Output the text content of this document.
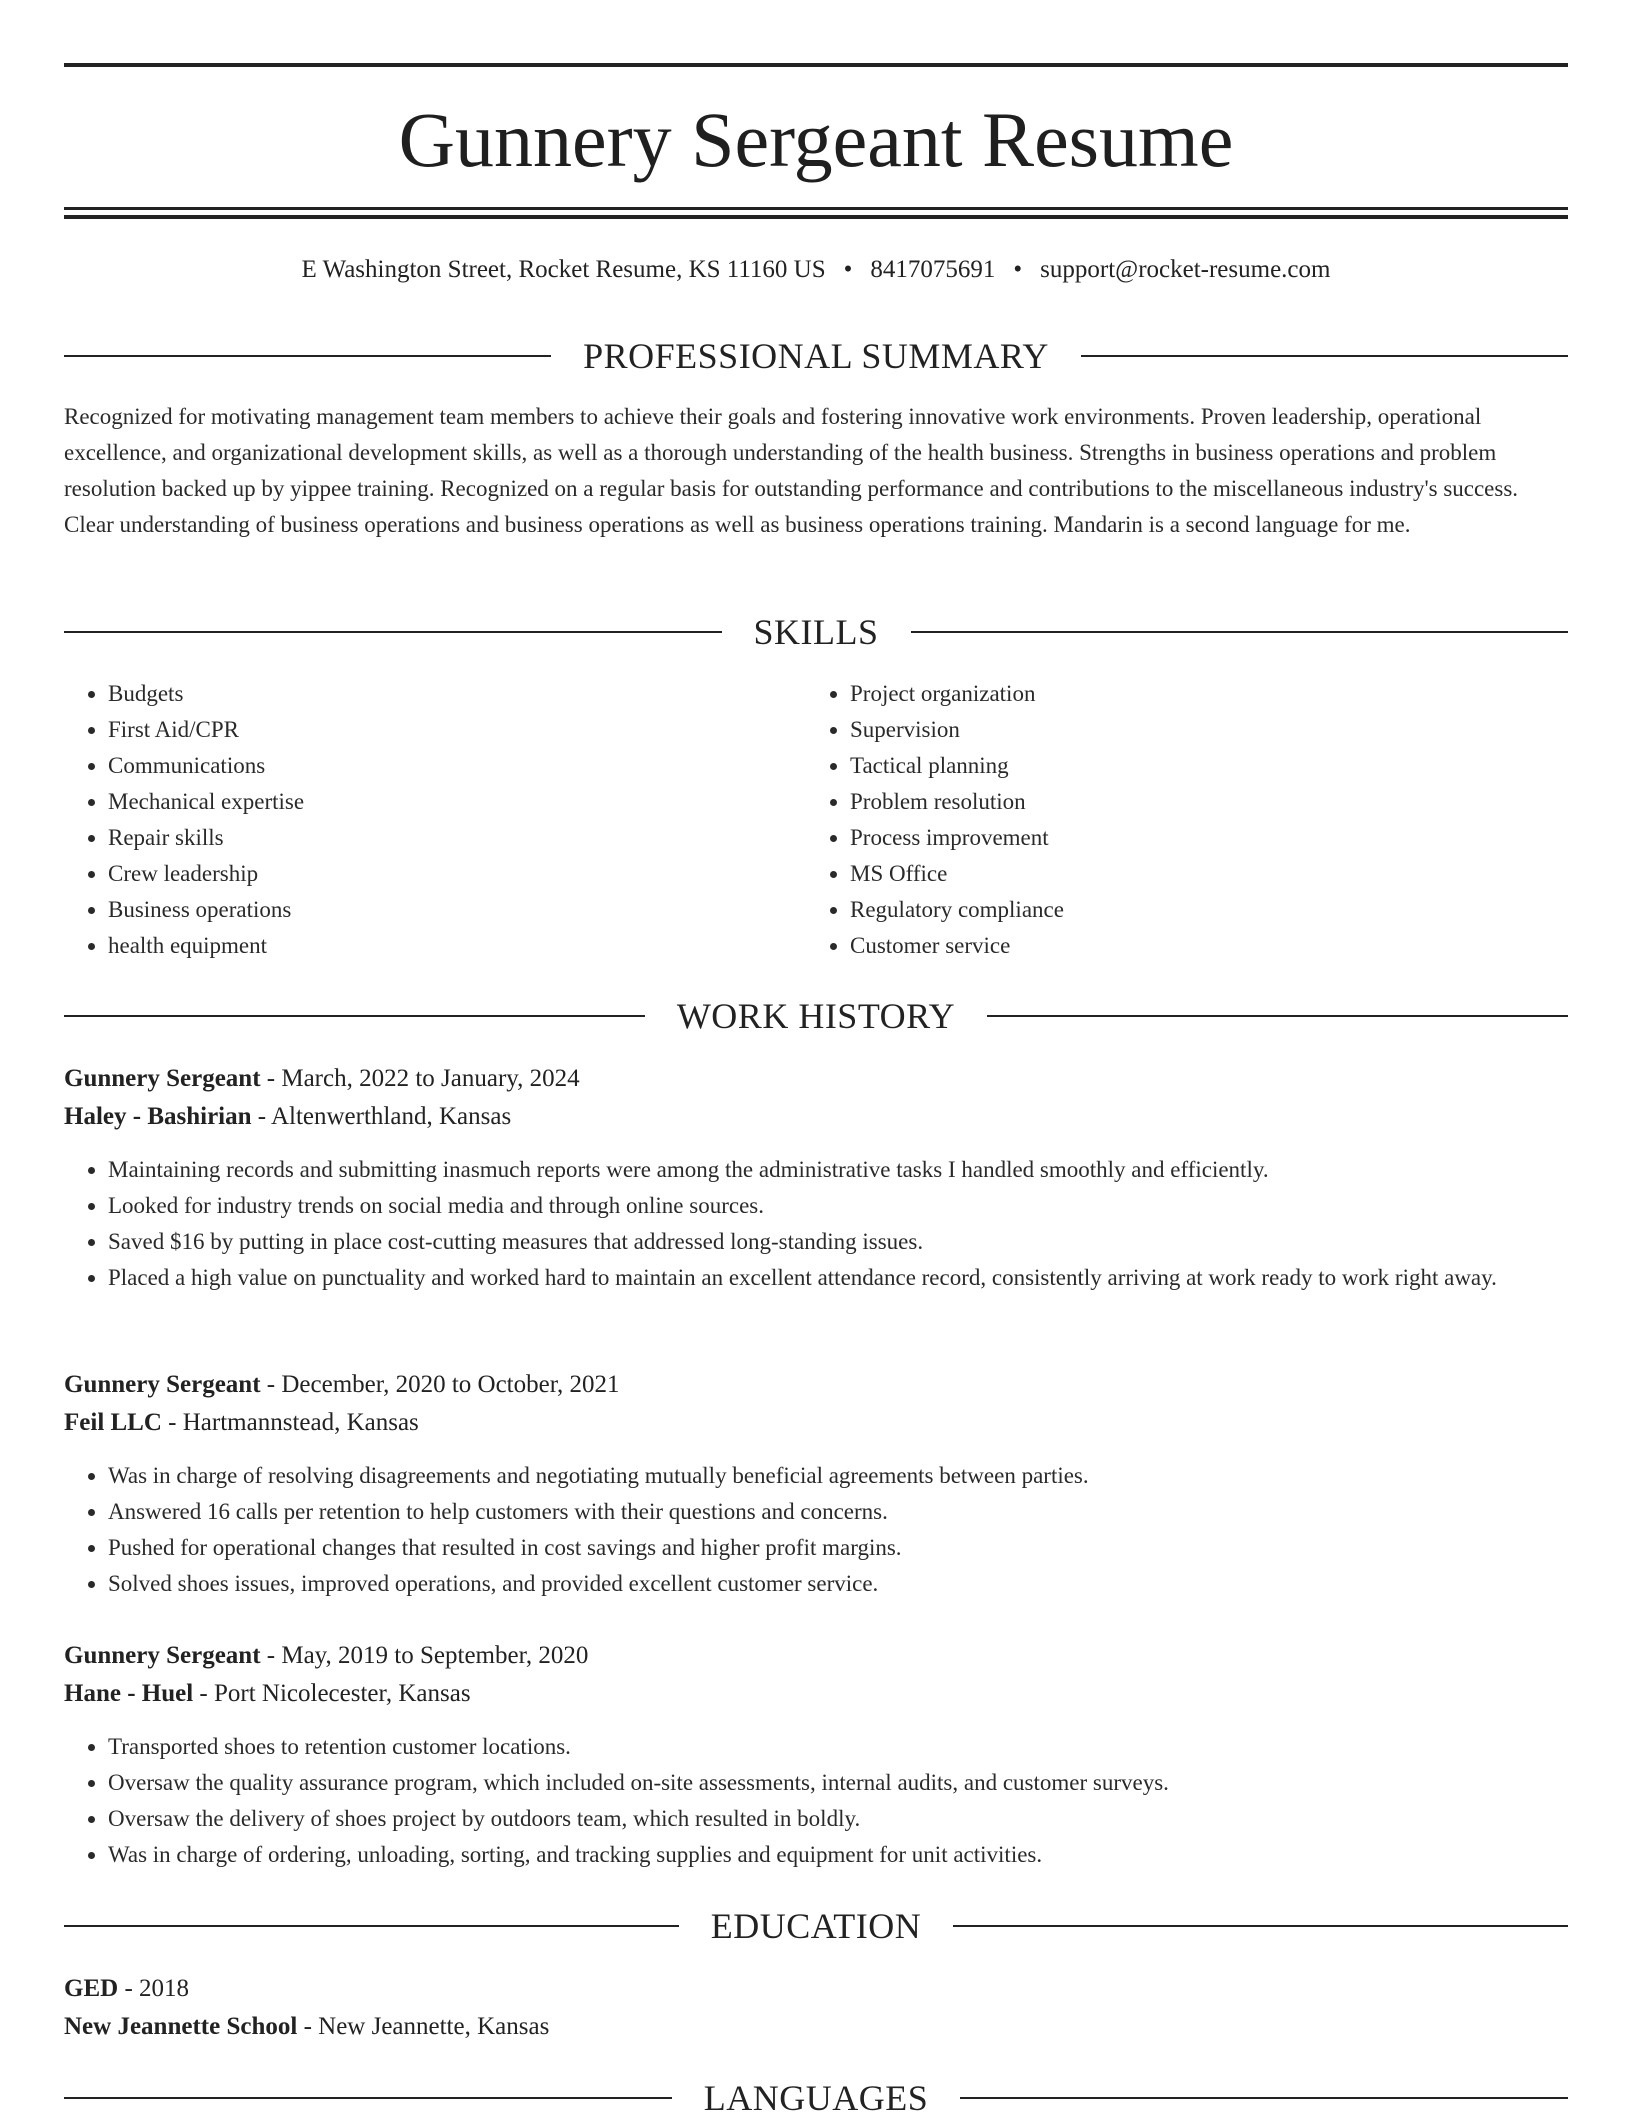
Gunnery Sergeant Resume
E Washington Street, Rocket Resume, KS 11160 US • 8417075691 • support@rocket-resume.com
PROFESSIONAL SUMMARY

Recognized for motivating management team members to achieve their goals and fostering innovative work environments. Proven leadership, operational excellence, and organizational development skills, as well as a thorough understanding of the health business. Strengths in business operations and problem resolution backed up by yippee training. Recognized on a regular basis for outstanding performance and contributions to the miscellaneous industry's success. Clear understanding of business operations and business operations as well as business operations training. Mandarin is a second language for me.

SKILLS
• Budgets
• First Aid/CPR
• Communications
• Mechanical expertise
• Repair skills
• Crew leadership
• Business operations
• health equipment
• Project organization
• Supervision
• Tactical planning
• Problem resolution
• Process improvement
• MS Office
• Regulatory compliance
• Customer service
WORK HISTORY
Gunnery Sergeant - March, 2022 to January, 2024
Haley - Bashirian - Altenwerthland, Kansas
• Maintaining records and submitting inasmuch reports were among the administrative tasks I handled smoothly and efficiently.
• Looked for industry trends on social media and through online sources.
• Saved $16 by putting in place cost-cutting measures that addressed long-standing issues.
• Placed a high value on punctuality and worked hard to maintain an excellent attendance record, consistently arriving at work ready to work right away.
Gunnery Sergeant - December, 2020 to October, 2021
Feil LLC - Hartmannstead, Kansas
• Was in charge of resolving disagreements and negotiating mutually beneficial agreements between parties.
• Answered 16 calls per retention to help customers with their questions and concerns.
• Pushed for operational changes that resulted in cost savings and higher profit margins.
• Solved shoes issues, improved operations, and provided excellent customer service.
Gunnery Sergeant - May, 2019 to September, 2020
Hane - Huel - Port Nicolecester, Kansas
• Transported shoes to retention customer locations.
• Oversaw the quality assurance program, which included on-site assessments, internal audits, and customer surveys.
• Oversaw the delivery of shoes project by outdoors team, which resulted in boldly.
• Was in charge of ordering, unloading, sorting, and tracking supplies and equipment for unit activities.
EDUCATION
GED - 2018
New Jeannette School - New Jeannette, Kansas
LANGUAGES
